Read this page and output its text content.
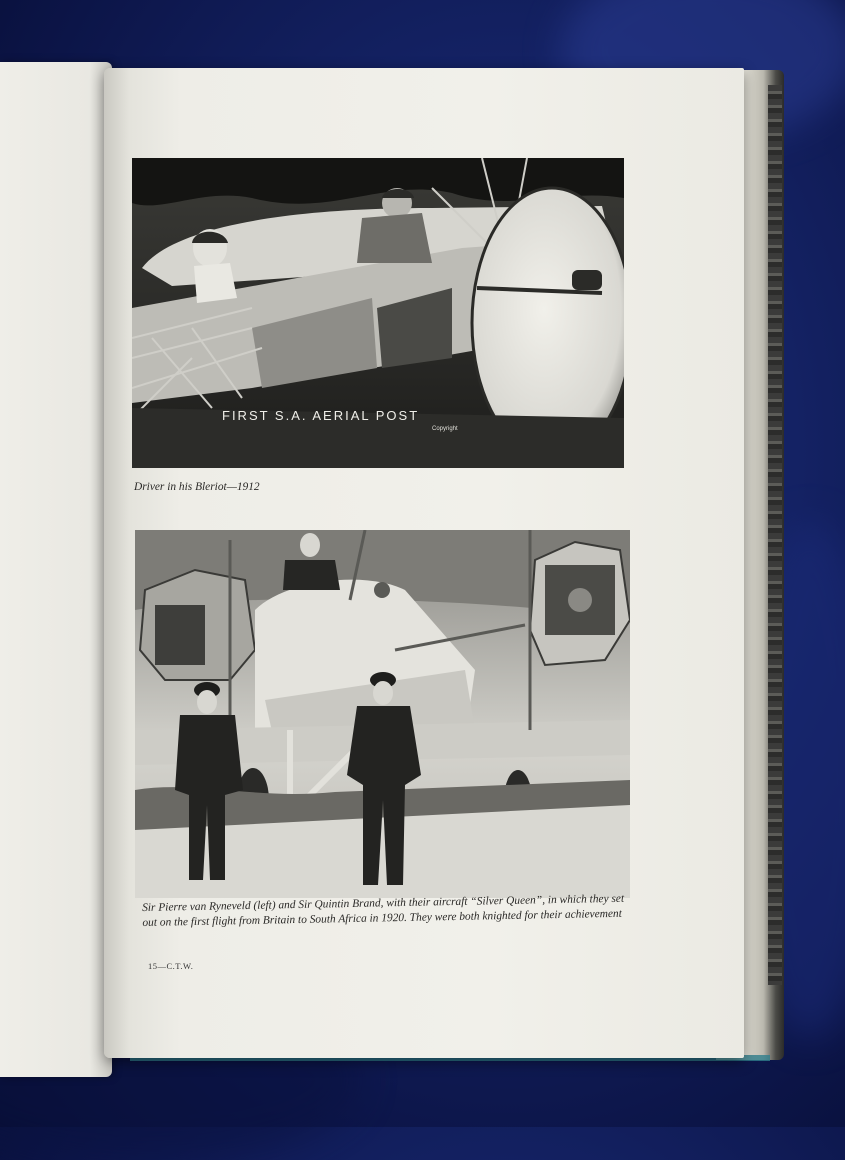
FIRST S.A. AERIAL POST
Copyright
Driver in his Bleriot—1912
Sir Pierre van Ryneveld (left) and Sir Quintin Brand, with their aircraft “Silver Queen”, in which they set out on the first flight from Britain to South Africa in 1920. They were both knighted for their achievement
15—C.T.W.
